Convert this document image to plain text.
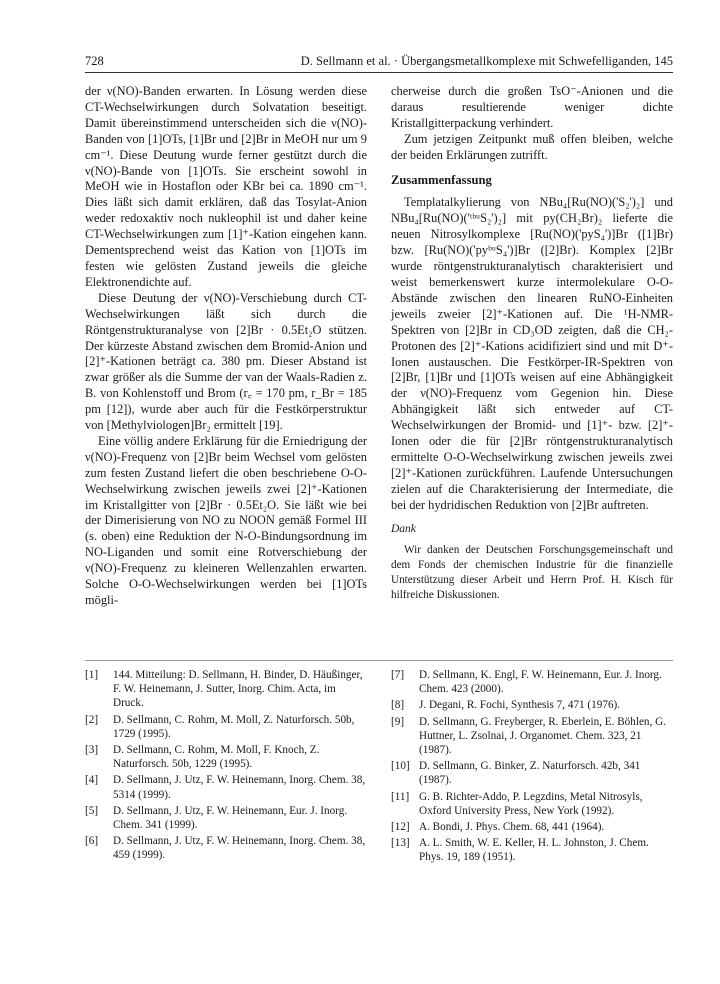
728	D. Sellmann et al. · Übergangsmetallkomplexe mit Schwefelliganden, 145

der ν(NO)-Banden erwarten. In Lösung werden diese CT-Wechselwirkungen durch Solvatation beseitigt. Damit übereinstimmend unterscheiden sich die ν(NO)-Banden von [1]OTs, [1]Br und [2]Br in MeOH nur um 9 cm⁻¹. Diese Deutung wurde ferner gestützt durch die ν(NO)-Bande von [1]OTs. Sie erscheint sowohl in MeOH wie in Hostaflon oder KBr bei ca. 1890 cm⁻¹. Dies läßt sich damit erklären, daß das Tosylat-Anion weder redoxaktiv noch nukleophil ist und daher keine CT-Wechselwirkungen zum [1]⁺-Kation eingehen kann. Dementsprechend weist das Kation von [1]OTs im festen wie gelösten Zustand jeweils die gleiche Elektronendichte auf.

Diese Deutung der ν(NO)-Verschiebung durch CT-Wechselwirkungen läßt sich durch die Röntgenstrukturanalyse von [2]Br · 0.5Et₂O stützen. Der kürzeste Abstand zwischen dem Bromid-Anion und [2]⁺-Kationen beträgt ca. 380 pm. Dieser Abstand ist zwar größer als die Summe der van der Waals-Radien z. B. von Kohlenstoff und Brom (r꜀ = 170 pm, r_Br = 185 pm [12]), wurde aber auch für die Festkörperstruktur von [Methylviologen]Br₂ ermittelt [19].

Eine völlig andere Erklärung für die Erniedrigung der ν(NO)-Frequenz von [2]Br beim Wechsel vom gelösten zum festen Zustand liefert die oben beschriebene O-O-Wechselwirkung zwischen jeweils zwei [2]⁺-Kationen im Kristallgitter von [2]Br · 0.5Et₂O. Sie läßt wie bei der Dimerisierung von NO zu NOON gemäß Formel III (s. oben) eine Reduktion der N-O-Bindungsordnung im NO-Liganden und somit eine Rotverschiebung der ν(NO)-Frequenz zu kleineren Wellenzahlen erwarten. Solche O-O-Wechselwirkungen werden bei [1]OTs mögli-

cherweise durch die großen TsO⁻-Anionen und die daraus resultierende weniger dichte Kristallgitterpackung verhindert.

Zum jetzigen Zeitpunkt muß offen bleiben, welche der beiden Erklärungen zutrifft.

Zusammenfassung

Templatalkylierung von NBu₄[Ru(NO)('S₂')₂] und NBu₄[Ru(NO)('ᵗᵇᵘS₂')₂] mit py(CH₂Br)₂ lieferte die neuen Nitrosylkomplexe [Ru(NO)('pyS₄')]Br ([1]Br) bzw. [Ru(NO)('pyᵇᵘS₄')]Br ([2]Br). Komplex [2]Br wurde röntgenstrukturanalytisch charakterisiert und weist bemerkenswert kurze intermolekulare O-O-Abstände zwischen den linearen RuNO-Einheiten jeweils zweier [2]⁺-Kationen auf. Die ¹H-NMR-Spektren von [2]Br in CD₃OD zeigten, daß die CH₂-Protonen des [2]⁺-Kations acidifiziert sind und mit D⁺-Ionen austauschen. Die Festkörper-IR-Spektren von [2]Br, [1]Br und [1]OTs weisen auf eine Abhängigkeit der ν(NO)-Frequenz vom Gegenion hin. Diese Abhängigkeit läßt sich entweder auf CT-Wechselwirkungen der Bromid- und [1]⁺- bzw. [2]⁺-Ionen oder die für [2]Br röntgenstrukturanalytisch ermittelte O-O-Wechselwirkung zwischen jeweils zwei [2]⁺-Kationen zurückführen. Laufende Untersuchungen zielen auf die Charakterisierung der Intermediate, die bei der hydridischen Reduktion von [2]Br auftreten.

Dank

Wir danken der Deutschen Forschungsgemeinschaft und dem Fonds der chemischen Industrie für die finanzielle Unterstützung dieser Arbeit und Herrn Prof. H. Kisch für hilfreiche Diskussionen.

[1]	144. Mitteilung: D. Sellmann, H. Binder, D. Häußinger, F. W. Heinemann, J. Sutter, Inorg. Chim. Acta, im Druck.
[2]	D. Sellmann, C. Rohm, M. Moll, Z. Naturforsch. 50b, 1729 (1995).
[3]	D. Sellmann, C. Rohm, M. Moll, F. Knoch, Z. Naturforsch. 50b, 1229 (1995).
[4]	D. Sellmann, J. Utz, F. W. Heinemann, Inorg. Chem. 38, 5314 (1999).
[5]	D. Sellmann, J. Utz, F. W. Heinemann, Eur. J. Inorg. Chem. 341 (1999).
[6]	D. Sellmann, J. Utz, F. W. Heinemann, Inorg. Chem. 38, 459 (1999).
[7]	D. Sellmann, K. Engl, F. W. Heinemann, Eur. J. Inorg. Chem. 423 (2000).
[8]	J. Degani, R. Fochi, Synthesis 7, 471 (1976).
[9]	D. Sellmann, G. Freyberger, R. Eberlein, E. Böhlen, G. Huttner, L. Zsolnai, J. Organomet. Chem. 323, 21 (1987).
[10] D. Sellmann, G. Binker, Z. Naturforsch. 42b, 341 (1987).
[11] G. B. Richter-Addo, P. Legzdins, Metal Nitrosyls, Oxford University Press, New York (1992).
[12] A. Bondi, J. Phys. Chem. 68, 441 (1964).
[13] A. L. Smith, W. E. Keller, H. L. Johnston, J. Chem. Phys. 19, 189 (1951).
